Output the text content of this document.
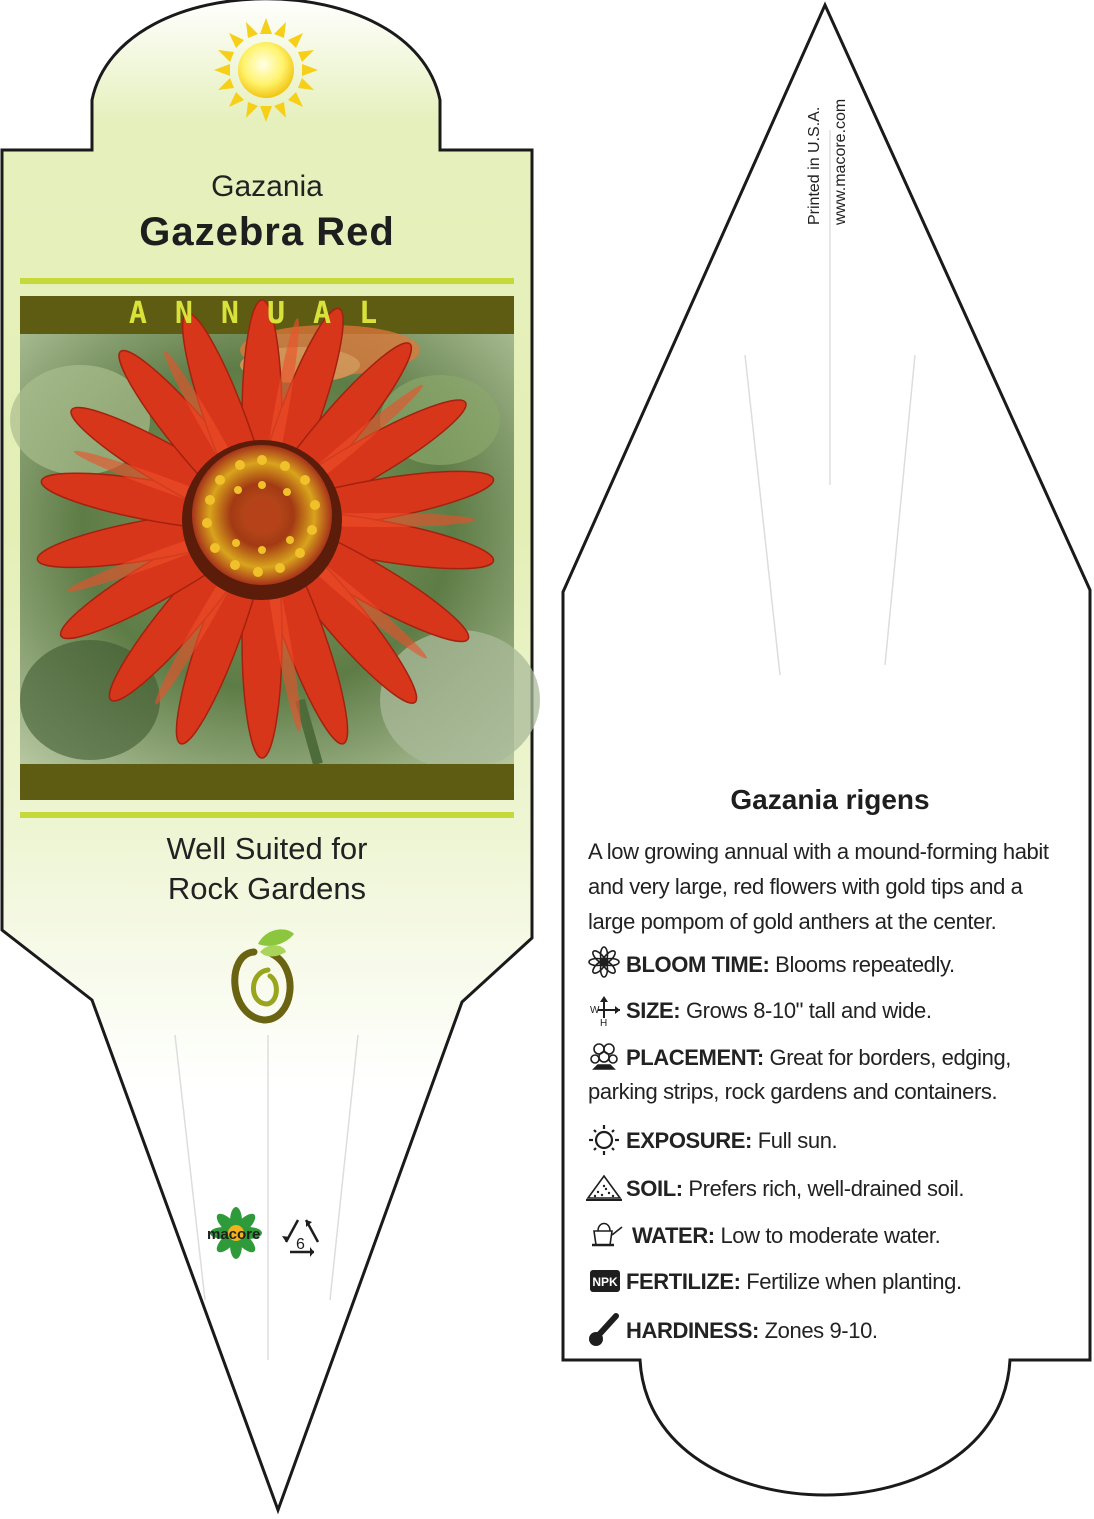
NPK
Gazania
Gazebra Red
ANNUAL
Well Suited for
Rock Gardens
macore
6
Printed in U.S.A. www.macore.com
Gazania rigens
A low growing annual with a mound-forming habit and very large, red flowers with gold tips and a large pompom of gold anthers at the center.
BLOOM TIME: Blooms repeatedly.
SIZE: Grows 8-10" tall and wide.
W
H
PLACEMENT: Great for borders, edging, parking strips, rock gardens and containers.
EXPOSURE: Full sun.
SOIL: Prefers rich, well-drained soil.
WATER: Low to moderate water.
FERTILIZE: Fertilize when planting.
HARDINESS: Zones 9-10.
